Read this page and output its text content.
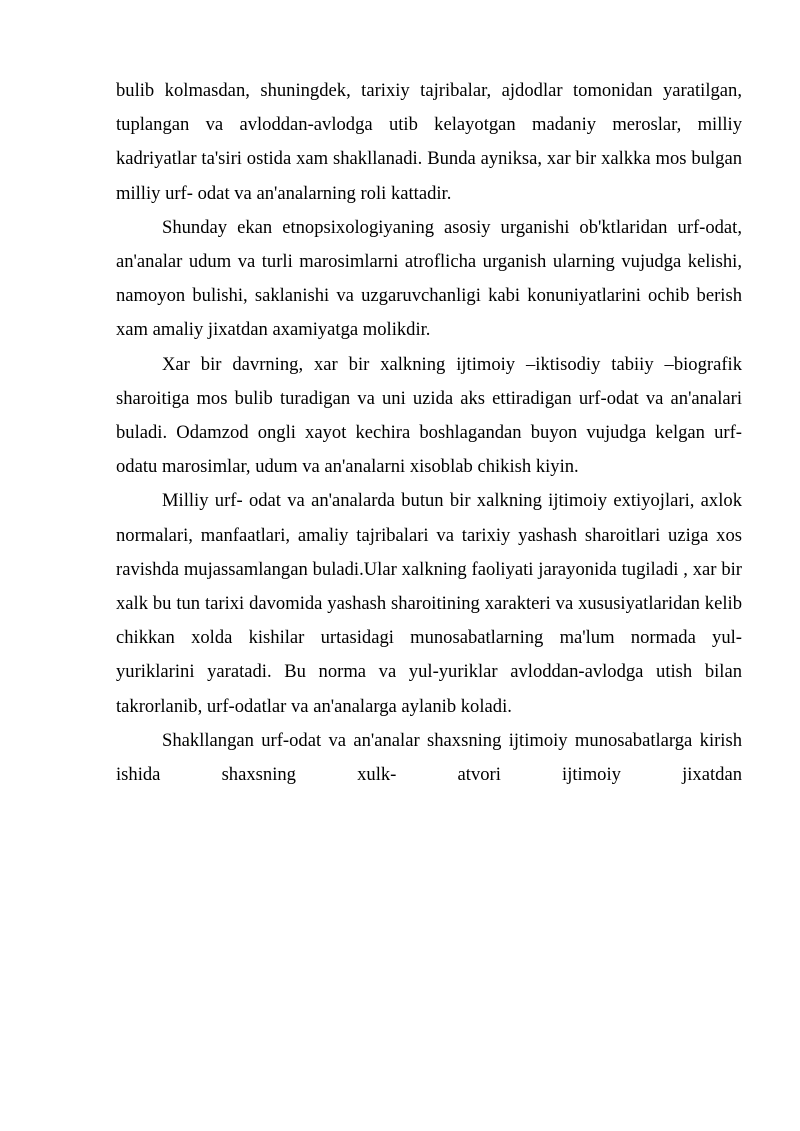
bulib kolmasdan, shuningdek, tarixiy tajribalar, ajdodlar tomonidan yaratilgan, tuplangan va avloddan-avlodga utib kelayotgan madaniy meroslar, milliy kadriyatlar ta'siri ostida xam shakllanadi. Bunda ayniksa, xar bir xalkka mos bulgan milliy urf- odat va an'analarning roli kattadir.

Shunday ekan etnopsixologiyaning asosiy urganishi ob'ktlaridan urf-odat, an'analar udum va turli marosimlarni atroflicha urganish ularning vujudga kelishi, namoyon bulishi, saklanishi va uzgaruvchanligi kabi konuniyatlarini ochib berish xam amaliy jixatdan axamiyatga molikdir.

Xar bir davrning, xar bir xalkning ijtimoiy –iktisodiy tabiiy –biografik sharoitiga mos bulib turadigan va uni uzida aks ettiradigan urf-odat va an'analari buladi. Odamzod ongli xayot kechira boshlagandan buyon vujudga kelgan urf-odatu marosimlar, udum va an'analarni xisoblab chikish kiyin.

Milliy urf- odat va an'analarda butun bir xalkning ijtimoiy extiyojlari, axlok normalari, manfaatlari, amaliy tajribalari va tarixiy yashash sharoitlari uziga xos ravishda mujassamlangan buladi.Ular xalkning faoliyati jarayonida tugiladi , xar bir xalk bu tun tarixi davomida yashash sharoitining xarakteri va xususiyatlaridan kelib chikkan xolda kishilar urtasidagi munosabatlarning ma'lum normada yul- yuriklarini yaratadi. Bu norma va yul-yuriklar avloddan-avlodga utish bilan takrorlanib, urf-odatlar va an'analarga aylanib koladi.

Shakllangan urf-odat va an'analar shaxsning ijtimoiy munosabatlarga kirish ishida shaxsning xulk- atvori ijtimoiy jixatdan
